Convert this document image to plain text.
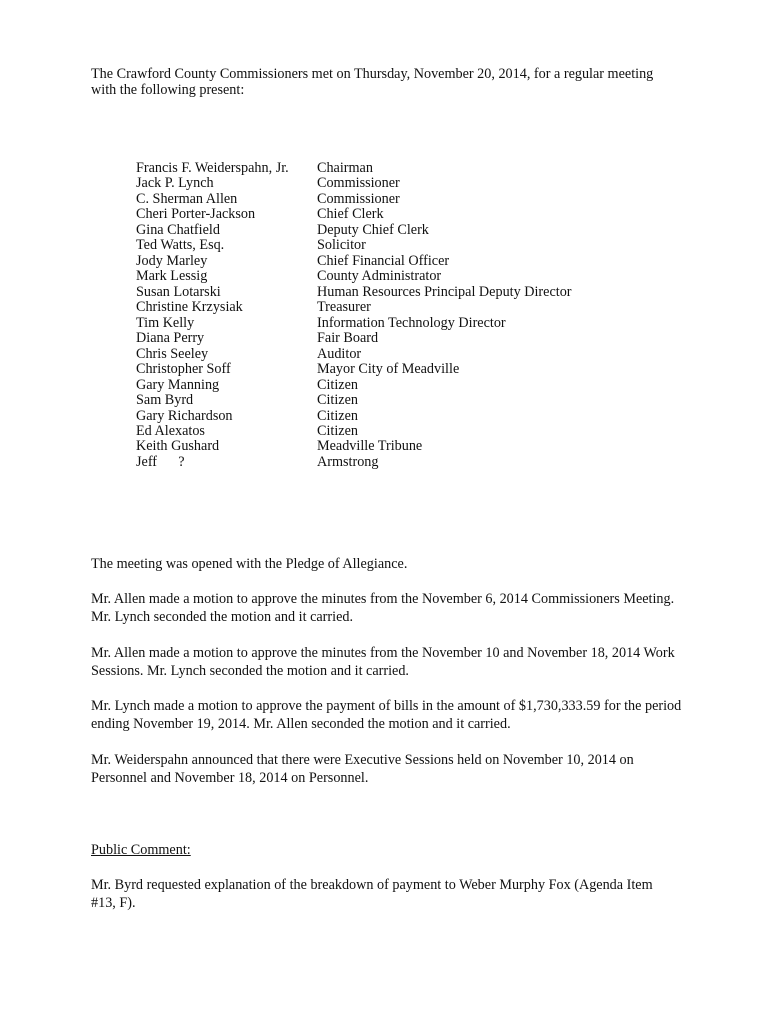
The Crawford County Commissioners met on Thursday, November 20, 2014, for a regular meeting with the following present:

Francis F. Weiderspahn, Jr.	Chairman
Jack P. Lynch	Commissioner
C. Sherman Allen	Commissioner
Cheri Porter-Jackson	Chief Clerk
Gina Chatfield	Deputy Chief Clerk
Ted Watts, Esq.	Solicitor
Jody Marley	Chief Financial Officer
Mark Lessig	County Administrator
Susan Lotarski	Human Resources Principal Deputy Director
Christine Krzysiak	Treasurer
Tim Kelly	Information Technology Director
Diana Perry	Fair Board
Chris Seeley	Auditor
Christopher Soff	Mayor City of Meadville
Gary Manning	Citizen
Sam Byrd	Citizen
Gary Richardson	Citizen
Ed Alexatos	Citizen
Keith Gushard	Meadville Tribune
Jeff      ?	Armstrong

The meeting was opened with the Pledge of Allegiance.

Mr. Allen made a motion to approve the minutes from the November 6, 2014 Commissioners Meeting. Mr. Lynch seconded the motion and it carried.

Mr. Allen made a motion to approve the minutes from the November 10 and November 18, 2014 Work Sessions. Mr. Lynch seconded the motion and it carried.

Mr. Lynch made a motion to approve the payment of bills in the amount of $1,730,333.59 for the period ending November 19, 2014. Mr. Allen seconded the motion and it carried.

Mr. Weiderspahn announced that there were Executive Sessions held on November 10, 2014 on Personnel and November 18, 2014 on Personnel.

Public Comment:

Mr. Byrd requested explanation of the breakdown of payment to Weber Murphy Fox (Agenda Item #13, F).
